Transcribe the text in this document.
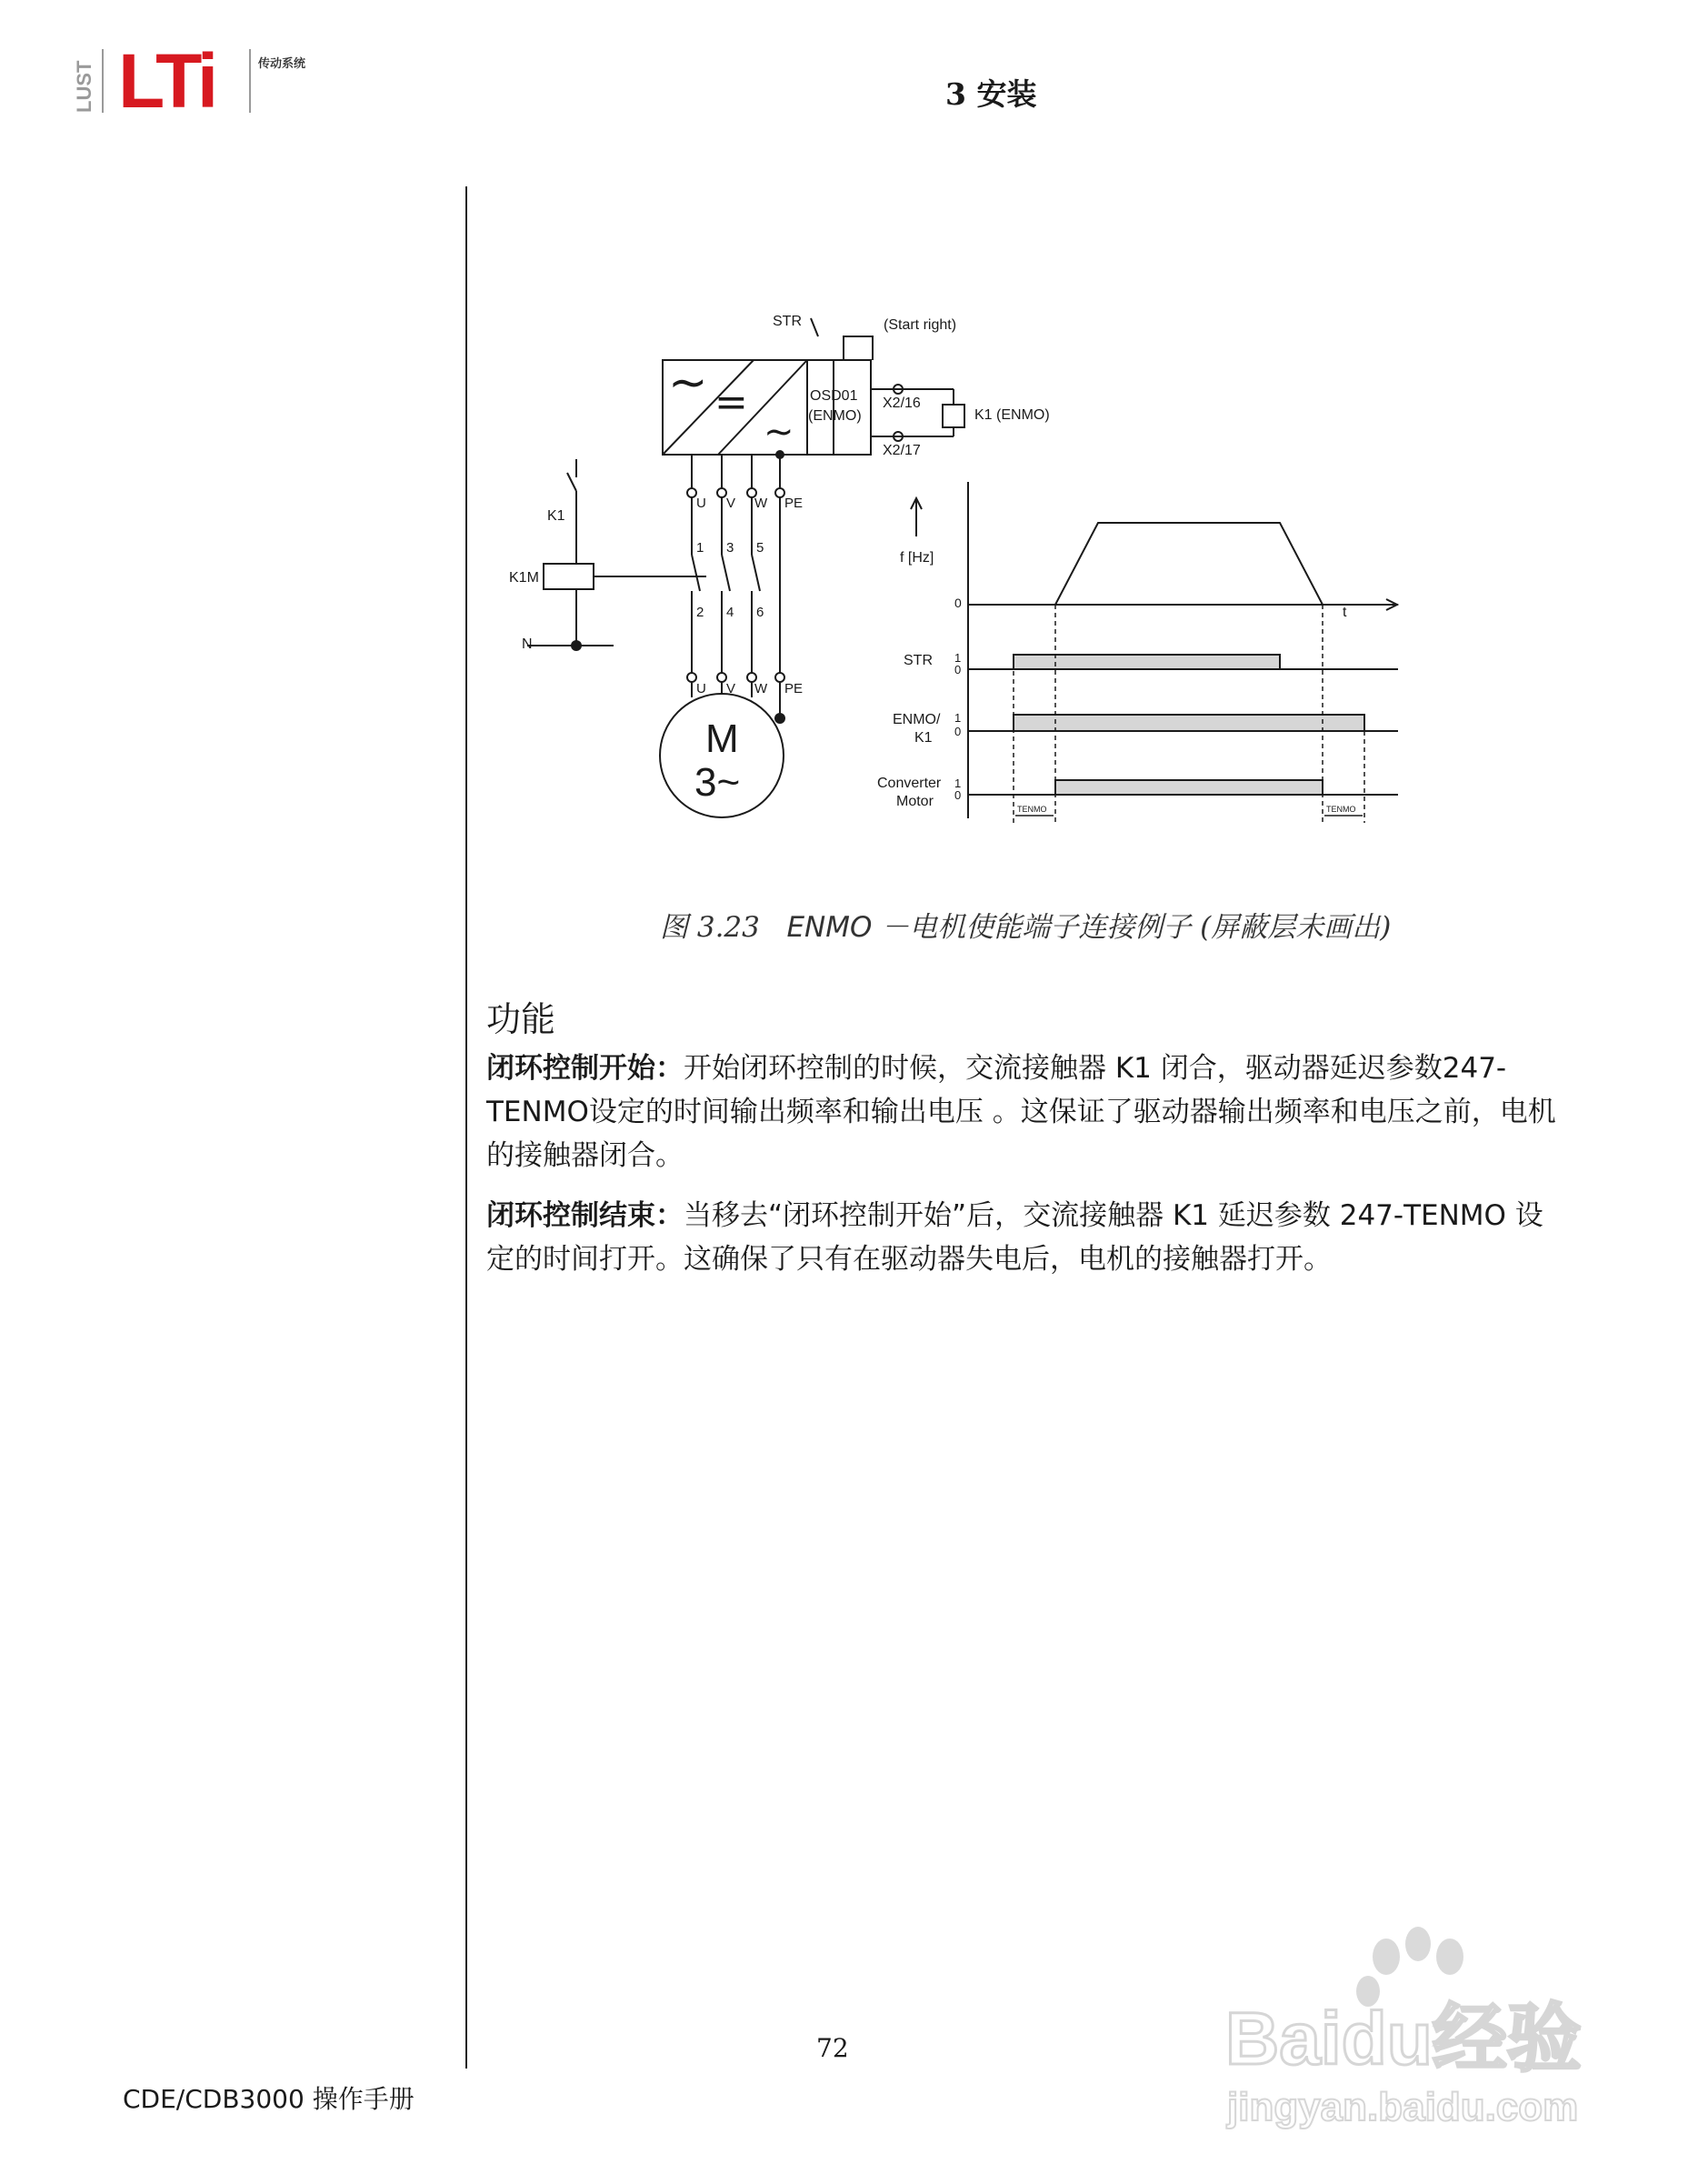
LUST LTi	传动系统
3 安装
~ =
~
STR	(Start right)
OSD01
(ENMO)
X2/16
X2/17
K1 (ENMO)
K1
K1M
N
U V W PE
1 3 5
2 4 6
U V W PE
M
3~
f [Hz]
0
t
STR 1
0
ENMO/
K1
1
0
Converter
Motor
1
0
TENMO	TENMO
图 3.23 ENMO －电机使能端子连接例子 (屏蔽层未画出)
功能
闭环控制开始：开始闭环控制的时候，交流接触器 K1 闭合，驱动器延迟参数247-TENMO设定的时间输出频率和输出电压 。这保证了驱动器输出频率和电压之前，电机的接触器闭合。
闭环控制结束：当移去“闭环控制开始”后，交流接触器 K1 延迟参数 247-TENMO 设定的时间打开。这确保了只有在驱动器失电后，电机的接触器打开。
72
CDE/CDB3000 操作手册
Baidu经验
jingyan.baidu.com
